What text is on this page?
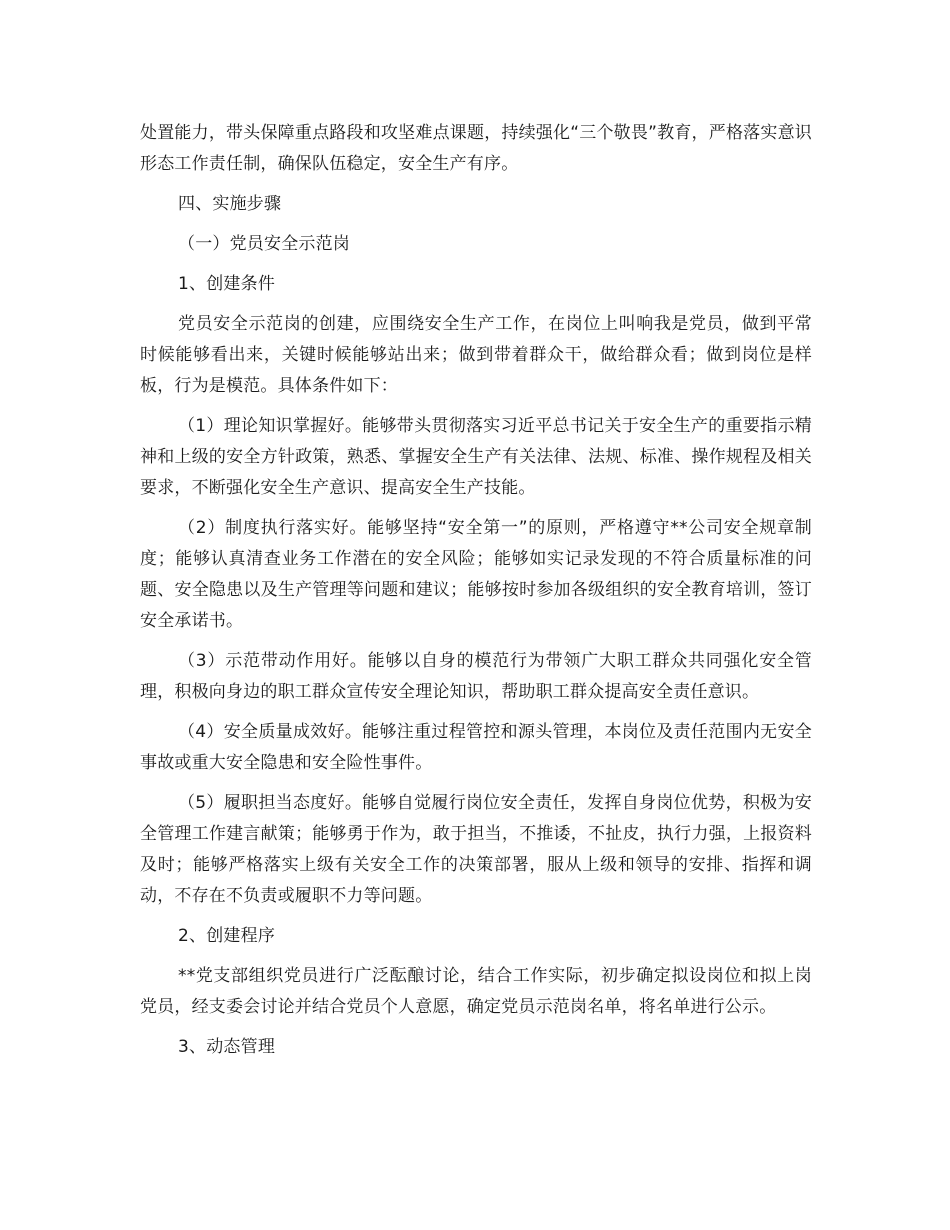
处置能力，带头保障重点路段和攻坚难点课题，持续强化“三个敬畏”教育，严格落实意识形态工作责任制，确保队伍稳定，安全生产有序。

四、实施步骤

（一）党员安全示范岗

1、创建条件

党员安全示范岗的创建，应围绕安全生产工作，在岗位上叫响我是党员，做到平常时候能够看出来，关键时候能够站出来；做到带着群众干，做给群众看；做到岗位是样板，行为是模范。具体条件如下：

（1）理论知识掌握好。能够带头贯彻落实习近平总书记关于安全生产的重要指示精神和上级的安全方针政策，熟悉、掌握安全生产有关法律、法规、标准、操作规程及相关要求，不断强化安全生产意识、提高安全生产技能。

（2）制度执行落实好。能够坚持“安全第一”的原则，严格遵守**公司安全规章制度；能够认真清查业务工作潜在的安全风险；能够如实记录发现的不符合质量标准的问题、安全隐患以及生产管理等问题和建议；能够按时参加各级组织的安全教育培训，签订安全承诺书。

（3）示范带动作用好。能够以自身的模范行为带领广大职工群众共同强化安全管理，积极向身边的职工群众宣传安全理论知识，帮助职工群众提高安全责任意识。

（4）安全质量成效好。能够注重过程管控和源头管理，本岗位及责任范围内无安全事故或重大安全隐患和安全险性事件。

（5）履职担当态度好。能够自觉履行岗位安全责任，发挥自身岗位优势，积极为安全管理工作建言献策；能够勇于作为，敢于担当，不推诿，不扯皮，执行力强，上报资料及时；能够严格落实上级有关安全工作的决策部署，服从上级和领导的安排、指挥和调动，不存在不负责或履职不力等问题。

2、创建程序

**党支部组织党员进行广泛酝酿讨论，结合工作实际，初步确定拟设岗位和拟上岗党员，经支委会讨论并结合党员个人意愿，确定党员示范岗名单，将名单进行公示。

3、动态管理
